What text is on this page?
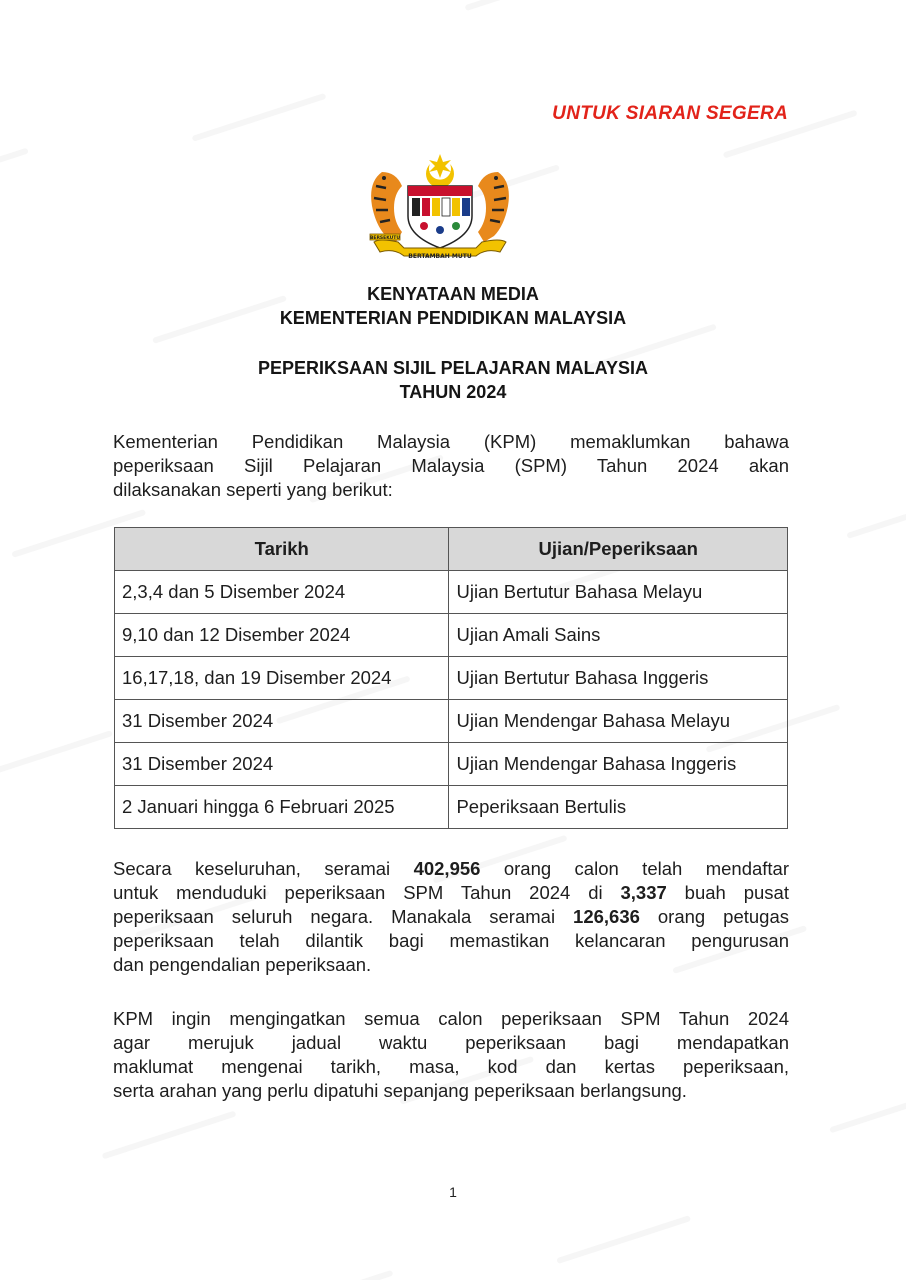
UNTUK SIARAN SEGERA
BERTAMBAH MUTU
BERSEKUTU
KENYATAAN MEDIA
KEMENTERIAN PENDIDIKAN MALAYSIA
PEPERIKSAAN SIJIL PELAJARAN MALAYSIA
TAHUN 2024
Kementerian Pendidikan Malaysia (KPM) memaklumkan bahawa
peperiksaan Sijil Pelajaran Malaysia (SPM) Tahun 2024 akan
dilaksanakan seperti yang berikut:
Tarikh	Ujian/Peperiksaan
2,3,4 dan 5 Disember 2024	Ujian Bertutur Bahasa Melayu
9,10 dan 12 Disember 2024	Ujian Amali Sains
16,17,18, dan 19 Disember 2024	Ujian Bertutur Bahasa Inggeris
31 Disember 2024	Ujian Mendengar Bahasa Melayu
31 Disember 2024	Ujian Mendengar Bahasa Inggeris
2 Januari hingga 6 Februari 2025	Peperiksaan Bertulis
Secara keseluruhan, seramai 402,956 orang calon telah mendaftar
untuk menduduki peperiksaan SPM Tahun 2024 di 3,337 buah pusat
peperiksaan seluruh negara. Manakala seramai 126,636 orang petugas
peperiksaan telah dilantik bagi memastikan kelancaran pengurusan
dan pengendalian peperiksaan.
KPM ingin mengingatkan semua calon peperiksaan SPM Tahun 2024
agar merujuk jadual waktu peperiksaan bagi mendapatkan
maklumat mengenai tarikh, masa, kod dan kertas peperiksaan,
serta arahan yang perlu dipatuhi sepanjang peperiksaan berlangsung.
1
